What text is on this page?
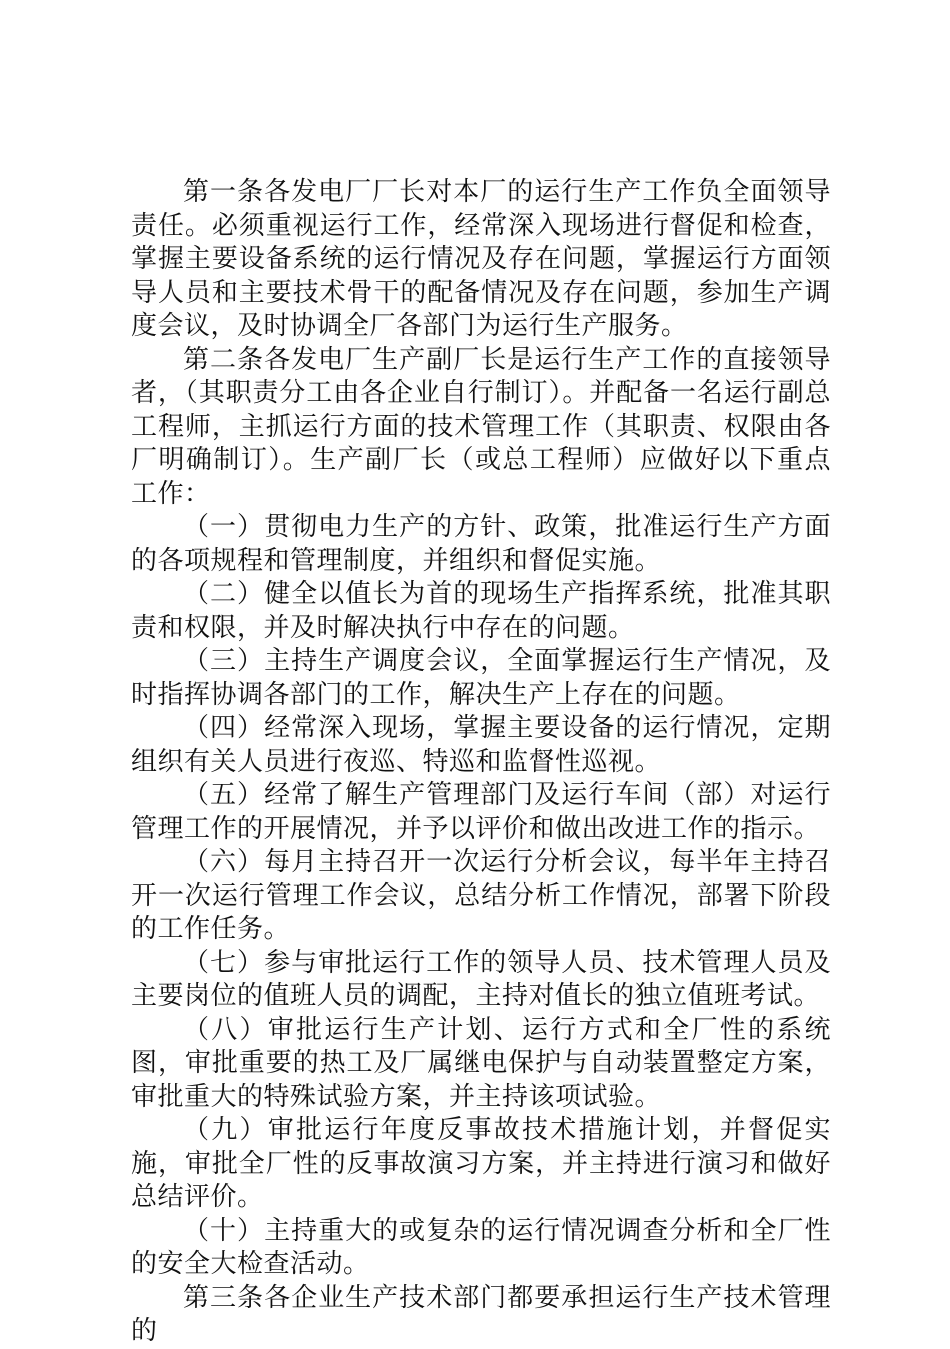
第一条各发电厂厂长对本厂的运行生产工作负全面领导责任。必须重视运行工作，经常深入现场进行督促和检查，掌握主要设备系统的运行情况及存在问题，掌握运行方面领导人员和主要技术骨干的配备情况及存在问题，参加生产调度会议，及时协调全厂各部门为运行生产服务。

第二条各发电厂生产副厂长是运行生产工作的直接领导者，（其职责分工由各企业自行制订）。并配备一名运行副总工程师，主抓运行方面的技术管理工作（其职责、权限由各厂明确制订）。生产副厂长（或总工程师）应做好以下重点工作：

（一）贯彻电力生产的方针、政策，批准运行生产方面的各项规程和管理制度，并组织和督促实施。

（二）健全以值长为首的现场生产指挥系统，批准其职责和权限，并及时解决执行中存在的问题。

（三）主持生产调度会议，全面掌握运行生产情况，及时指挥协调各部门的工作，解决生产上存在的问题。

（四）经常深入现场，掌握主要设备的运行情况，定期组织有关人员进行夜巡、特巡和监督性巡视。

（五）经常了解生产管理部门及运行车间（部）对运行管理工作的开展情况，并予以评价和做出改进工作的指示。

（六）每月主持召开一次运行分析会议，每半年主持召开一次运行管理工作会议，总结分析工作情况，部署下阶段的工作任务。

（七）参与审批运行工作的领导人员、技术管理人员及主要岗位的值班人员的调配，主持对值长的独立值班考试。

（八）审批运行生产计划、运行方式和全厂性的系统图，审批重要的热工及厂属继电保护与自动装置整定方案，审批重大的特殊试验方案，并主持该项试验。

（九）审批运行年度反事故技术措施计划，并督促实施，审批全厂性的反事故演习方案，并主持进行演习和做好总结评价。

（十）主持重大的或复杂的运行情况调查分析和全厂性的安全大检查活动。

第三条各企业生产技术部门都要承担运行生产技术管理的
